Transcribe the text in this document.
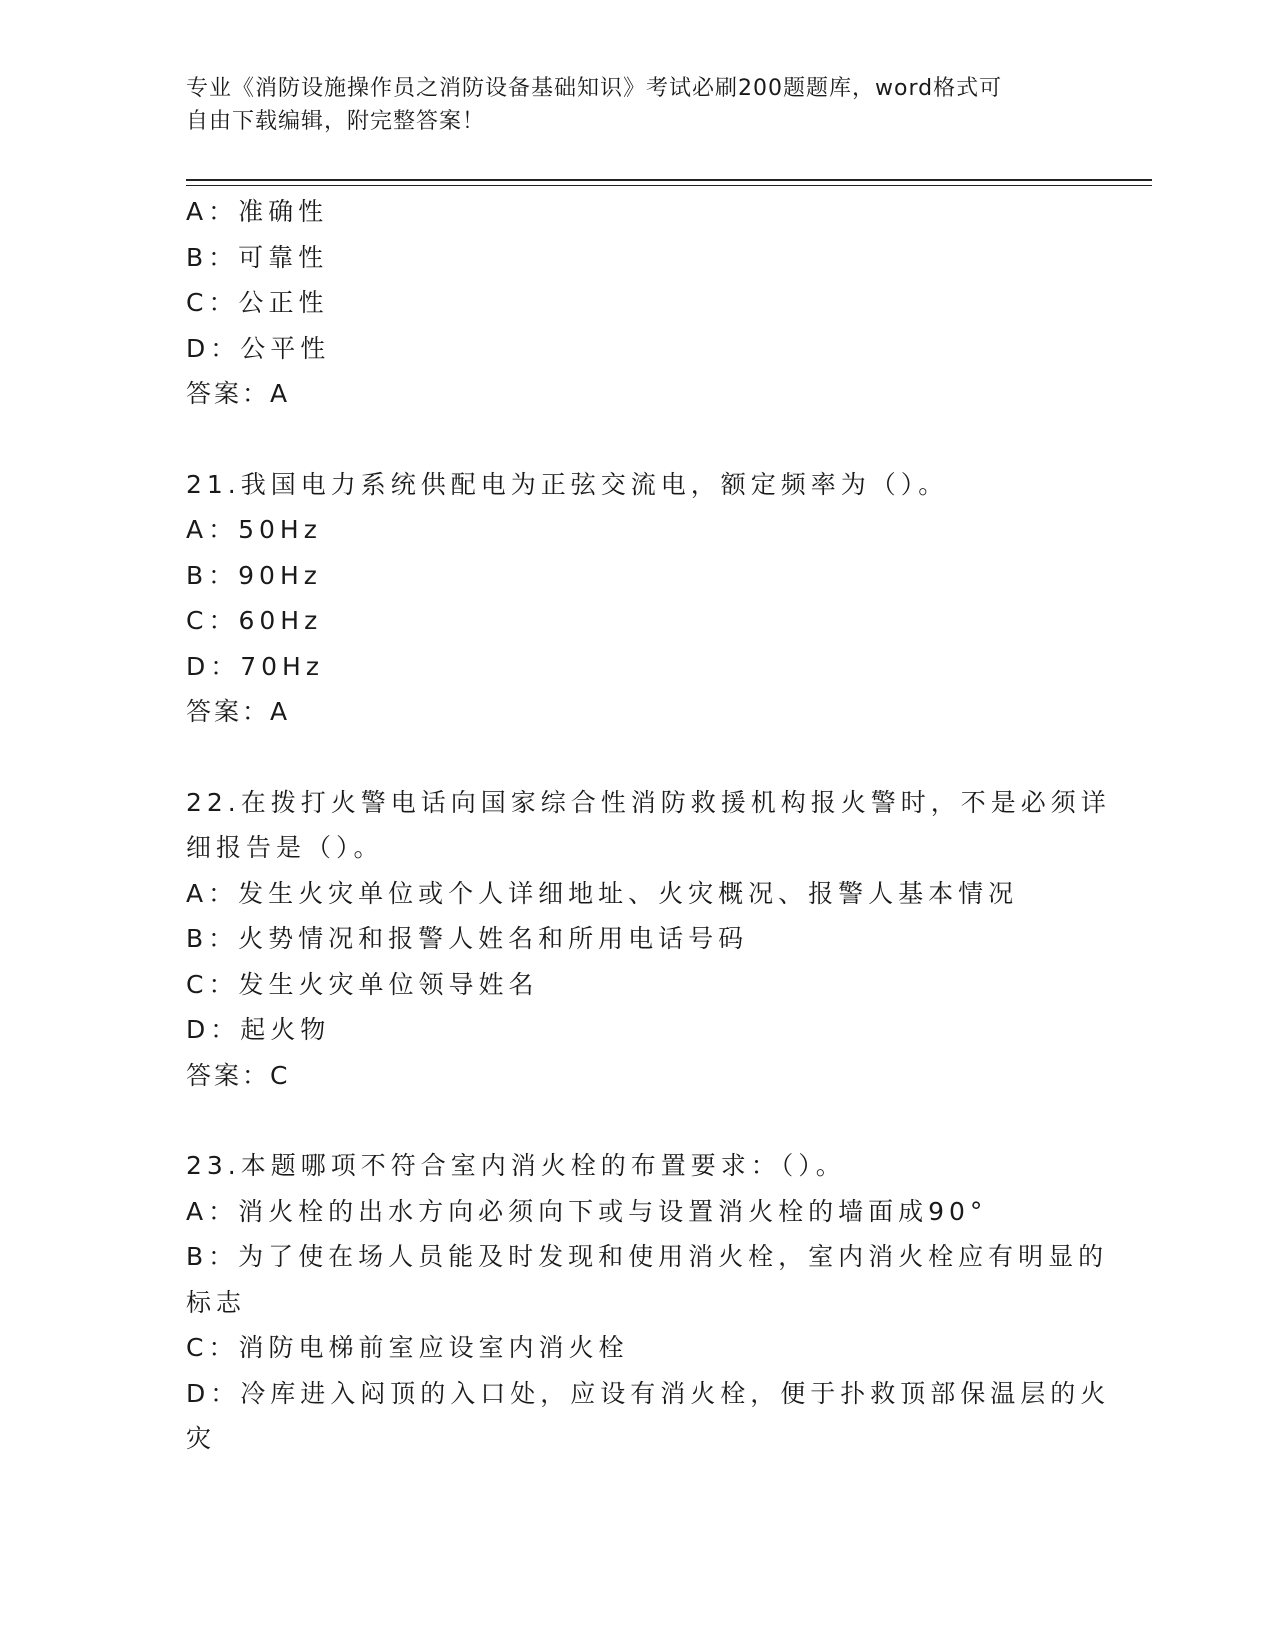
专业《消防设施操作员之消防设备基础知识》考试必刷200题题库，word格式可
自由下载编辑，附完整答案！
A：准确性
B：可靠性
C：公正性
D：公平性
答案：A
21.我国电力系统供配电为正弦交流电，额定频率为（）。
A：50Hz
B：90Hz
C：60Hz
D：70Hz
答案：A
22.在拨打火警电话向国家综合性消防救援机构报火警时，不是必须详
细报告是（）。
A：发生火灾单位或个人详细地址、火灾概况、报警人基本情况
B：火势情况和报警人姓名和所用电话号码
C：发生火灾单位领导姓名
D：起火物
答案：C
23.本题哪项不符合室内消火栓的布置要求：（）。
A：消火栓的出水方向必须向下或与设置消火栓的墙面成90°
B：为了使在场人员能及时发现和使用消火栓，室内消火栓应有明显的
标志
C：消防电梯前室应设室内消火栓
D：冷库进入闷顶的入口处，应设有消火栓，便于扑救顶部保温层的火
灾
